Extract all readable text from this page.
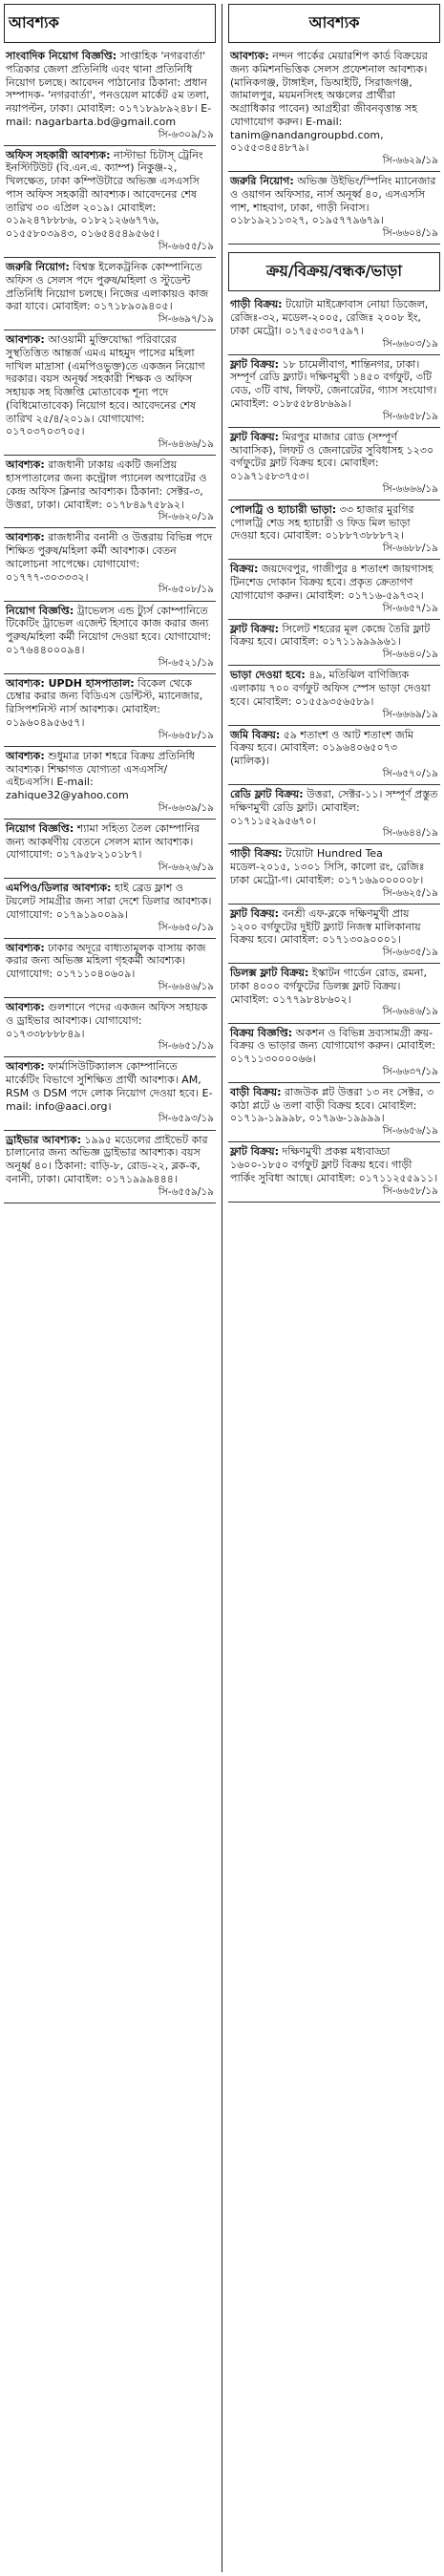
আবশ্যক
সাংবাদিক নিয়োগ বিজ্ঞপ্তি: সাপ্তাহিক 'নগরবার্তা' পত্রিকার জেলা প্রতিনিধি এবং থানা প্রতিনিধি নিয়োগ চলছে। আবেদন পাঠানোর ঠিকানা: প্রধান সম্পাদক- 'নগরবার্তা', পনওয়েল মার্কেট ৫ম তলা, নয়াপল্টন, ঢাকা। মোবাইল: ০১৭১৮৯৮৯২৪৮। E-mail: nagarbarta.bd@gmail.com
সি-৬৩০৯/১৯
অফিস সহকারী আবশ্যক: নাস্টাভা চিটাস্ ট্রেনিং ইনস্টিটিউট (বি.এন.এ. ক্যাম্প) নিকুঞ্জ-২, খিলক্ষেত, ঢাকা কম্পিউটারে অভিজ্ঞ এসএসসি পাস অফিস সহকারী আবশ্যক। আবেদনের শেষ তারিখ ৩০ এপ্রিল ২০১৯। মোবাইল: ০১৯২৪৭৮৮৮৬, ০১৮২১২৬৬৭৭৬, ০১৫৫৮০৩৯৪৩, ০১৬৫৪৫৪৯৫৬৫।
সি-৬৬৫৫/১৯
জরুরি নিয়োগ: বিশ্বস্ত ইলেকট্রনিক কোম্পানিতে অফিস ও সেলস পদে পুরুষ/মহিলা ও স্টুডেন্ট প্রতিনিধি নিয়োগ চলছে। নিজের এলাকায়ও কাজ করা যাবে। মোবাইল: ০১৭১৮৯০৯৪০৫।
সি-৬৬৯৭/১৯
আবশ্যক: আওয়ামী মুক্তিযোদ্ধা পরিবারের সুস্থতিত্তিত আন্তর্জ এমএ মাহমুদ পাসের মহিলা দাখিল মাদ্রাসা (এমপিওভুক্ত)তে একজন নিয়োগ দরকার। বয়স অনূর্ধ্ব সহকারী শিক্ষক ও অফিস সহায়ক সহ বিজ্ঞপ্তি মোতাবেক শূন্য পদে (বিধিমোতাবেক) নিয়োগ হবে। আবেদনের শেষ তারিখ ২৫/৪/২০১৯। যোগাযোগ: ০১৭০৩৭০৩৭০৫।
সি-৬৪৬৬/১৯
আবশ্যক: রাজধানী ঢাকায় একটি জনপ্রিয় হাসপাতালের জন্য কন্ট্রোল প্যানেল অপারেটর ও কেন্দ্র অফিস ক্লিনার আবশ্যক। ঠিকানা: সেক্টর-৩, উত্তরা, ঢাকা। মোবাইল: ০১৭৮৪৯৭৫৮৯২।
সি-৬৬২০/১৯
আবশ্যক: রাজধানীর বনানী ও উত্তরায় বিভিন্ন পদে শিক্ষিত পুরুষ/মহিলা কর্মী আবশ্যক। বেতন আলোচনা সাপেক্ষে। যোগাযোগ: ০১৭৭৭-৩০৩৩৩২।
সি-৬৫০৮/১৯
নিয়োগ বিজ্ঞপ্তি: ট্রাভেলস এন্ড ট্যুর্স কোম্পানিতে টিকেটিং ট্রাভেল এজেন্ট হিসাবে কাজ করার জন্য পুরুষ/মহিলা কর্মী নিয়োগ দেওয়া হবে। যোগাযোগ: ০১৭৬৪৪০০০৯৪।
সি-৬৫২১/১৯
আবশ্যক: UPDH হাসপাতাল: বিকেল থেকে চেম্বার করার জন্য বিডিএস ডেন্টিস্ট, ম্যানেজার, রিসিপশনিস্ট নার্স আবশ্যক। মোবাইল: ০১৯৬০৪৯৫৬৫৭।
সি-৬৬৫৮/১৯
আবশ্যক: শুধুমাত্র ঢাকা শহরে বিক্রয় প্রতিনিধি আবশ্যক। শিক্ষাগত যোগ্যতা এসএসসি/এইচএসসি। E-mail: zahique32@yahoo.com
সি-৬৬৩৯/১৯
নিয়োগ বিজ্ঞপ্তি: শ্যামা সহিত্য তৈল কোম্পানির জন্য আকর্ষণীয় বেতনে সেলস ম্যান আবশ্যক। যোগাযোগ: ০১৭৯৫৮২১০১৮৭।
সি-৬৬২৬/১৯
এমপিও/ডিলার আবশ্যক: হাই ব্রেড ফ্লাশ ও টয়লেট সামগ্রীর জন্য সারা দেশে ডিলার আবশ্যক। যোগাযোগ: ০১৭৯১৯০০৯৯।
সি-৬৬৫০/১৯
আবশ্যক: ঢাকার অদূরে বাধ্যতামূলক বাসায় কাজ করার জন্য অভিজ্ঞ মহিলা গৃহকর্মী আবশ্যক। যোগাযোগ: ০১৭১১০৪০৬০৯।
সি-৬৬৪৬/১৯
আবশ্যক: গুলশানে পদের একজন অফিস সহায়ক ও ড্রাইভার আবশ্যক। যোগাযোগ: ০১৭৩৩৮৮৮৮৪৯।
সি-৬৬৫১/১৯
আবশ্যক: ফার্মাসিউটিক্যালস কোম্পানিতে মার্কেটিং বিভাগে সুশিক্ষিত প্রার্থী আবশ্যক। AM, RSM ও DSM পদে লোক নিয়োগ দেওয়া হবে। E-mail: info@aaci.org।
সি-৬৫৯৩/১৯
ড্রাইভার আবশ্যক: ১৯৯৫ মডেলের প্রাইভেট কার চালানোর জন্য অভিজ্ঞ ড্রাইভার আবশ্যক। বয়স অনূর্ধ্ব ৪০। ঠিকানা: বাড়ি-৮, রোড-২২, ব্লক-ক, বনানী, ঢাকা। মোবাইল: ০১৭১৯৯৯৪৪৪।
সি-৬৫৫৯/১৯
আবশ্যক
আবশ্যক: নন্দন পার্কের মেয়ারশিপ কার্ড বিক্রয়ের জন্য কমিশনভিত্তিক সেলস প্রফেশনাল আবশ্যক। (মানিকগঞ্জ, টাঙ্গাইল, ডিআইটি, সিরাজগঞ্জ, জামালপুর, ময়মনসিংহ অঞ্চলের প্রার্থীরা অগ্রাধিকার পাবেন) আগ্রহীরা জীবনবৃত্তান্ত সহ যোগাযোগ করুন। E-mail: tanim@nandangroupbd.com, ০১৫৫৩৪৫৪৮৭৯।
সি-৬৬২৯/১৯
জরুরি নিয়োগ: অভিজ্ঞ উইভিং/স্পিনিং ম্যানেজার ও ওয়াগন অফিসার, নার্স অনূর্ধ্ব ৪০, এসএসসি পাশ, শাহবাগ, ঢাকা, গাড়ী নিবাস। ০১৮১৯২১১৩২৭, ০১৯৫৭৭৯৬৭৯।
সি-৬৬০৪/১৯
ক্রয়/বিক্রয়/বন্ধক/ভাড়া
গাড়ী বিক্রয়: টয়োটা মাইক্রোবাস নোয়া ডিজেল, রেজিঃ-৩২, মডেল-২০০৫, রেজিঃ ২০০৮ ইং, ঢাকা মেট্রো। ০১৭৫৫৩০৭৫৯৭।
সি-৬৬০৩/১৯
ফ্লাট বিক্রয়: ১৮ চামেলীবাগ, শান্তিনগর, ঢাকা। সম্পূর্ণ রেডি ফ্ল্যাট। দক্ষিণমুখী ১৪৫০ বর্গফুট, ৩টি বেড, ৩টি বাথ, লিফট, জেনারেটর, গ্যাস সংযোগ। মোবাইল: ০১৮৫৫৮৪৮৬৯৯।
সি-৬৬৫৮/১৯
ফ্লাট বিক্রয়: মিরপুর মাজার রোড (সম্পূর্ণ আবাসিক), লিফট ও জেনারেটর সুবিধাসহ ১২৩০ বর্গফুটের ফ্লাট বিক্রয় হবে। মোবাইল: ০১৯৭১৫৮৩৭৫৩।
সি-৬৬৬৬/১৯
পোলট্রি ও হ্যাচারী ভাড়া: ৩৩ হাজার মুরগির পোলট্রি শেড সহ হ্যাচারী ও ফিড মিল ভাড়া দেওয়া হবে। মোবাইল: ০১৮৮৭৩৮৮৮৭২।
সি-৬৬৮৮/১৯
বিক্রয়: জয়দেবপুর, গাজীপুর ৪ শতাংশ জায়গাসহ টিনশেড দোকান বিক্রয় হবে। প্রকৃত ক্রেতাগণ যোগাযোগ করুন। মোবাইল: ০১৭১৬-৫৯৭৩২।
সি-৬৬৫৭/১৯
ফ্লাট বিক্রয়: সিলেট শহরের মূল কেন্দ্রে তৈরি ফ্লাট বিক্রয় হবে। মোবাইল: ০১৭১১৯৯৯৯৬১।
সি-৬৬৪০/১৯
ভাড়া দেওয়া হবে: ৪৯, মতিঝিল বাণিজ্যিক এলাকায় ৭০০ বর্গফুট অফিস স্পেস ভাড়া দেওয়া হবে। মোবাইল: ০১৫৫৯৩৫৬৫৮৯।
সি-৬৬৬৯/১৯
জমি বিক্রয়: ৫৯ শতাংশ ও আট শতাংশ জমি বিক্রয় হবে। মোবাইল: ০১৯৬৪০৬৫০৭৩ (মালিক)।
সি-৬৫৭০/১৯
রেডি ফ্লাট বিক্রয়: উত্তরা, সেক্টর-১১। সম্পূর্ণ প্রস্তুত দক্ষিণমুখী রেডি ফ্লাট। মোবাইল: ০১৭১১৫২৯৫৬৭০।
সি-৬৬৪৪/১৯
গাড়ী বিক্রয়: টয়োটা Hundred Tea মডেল-২০১৫, ১৩০১ সিসি, কালো রং, রেজিঃ ঢাকা মেট্রো-গ। মোবাইল: ০১৭১৬৯০০০০০৮।
সি-৬৬২৫/১৯
ফ্লাট বিক্রয়: বনশ্রী এফ-ব্লকে দক্ষিণমুখী প্রায় ১২০০ বর্গফুটের দুইটি ফ্ল্যাট নিজস্ব মালিকানায় বিক্রয় হবে। মোবাইল: ০১৭১৩০৯০০০১।
সি-৬৬৩৫/১৯
ডিলক্স ফ্লাট বিক্রয়: ইস্কাটন গার্ডেন রোড, রমনা, ঢাকা ৪০০০ বর্গফুটের ডিলক্স ফ্লাট বিক্রয়। মোবাইল: ০১৭৭৯৮৪৮৬০২।
সি-৬৬৪৬/১৯
বিক্রয় বিজ্ঞপ্তি: অকশন ও বিভিন্ন দ্রব্যসামগ্রী ক্রয়-বিক্রয় ও ভাড়ার জন্য যোগাযোগ করুন। মোবাইল: ০১৭১১৩০০০০৬৬।
সি-৬৬৩৭/১৯
বাড়ী বিক্রয়: রাজউক প্লট উত্তরা ১৩ নং সেক্টর, ৩ কাঠা প্লটে ৬ তলা বাড়ী বিক্রয় হবে। মোবাইল: ০১৭১৯-১৯৯৯৮, ০১৭৯৬-১৯৯৯৯।
সি-৬৬৫৬/১৯
ফ্লাট বিক্রয়: দক্ষিণমুখী প্রকল্প মধ্যবাড্ডা ১৬০০-১৮৫০ বর্গফুট ফ্লাট বিক্রয় হবে। গাড়ী পার্কিং সুবিধা আছে। মোবাইল: ০১৭১১২৫৫৯১১।
সি-৬৬৫৮/১৯
